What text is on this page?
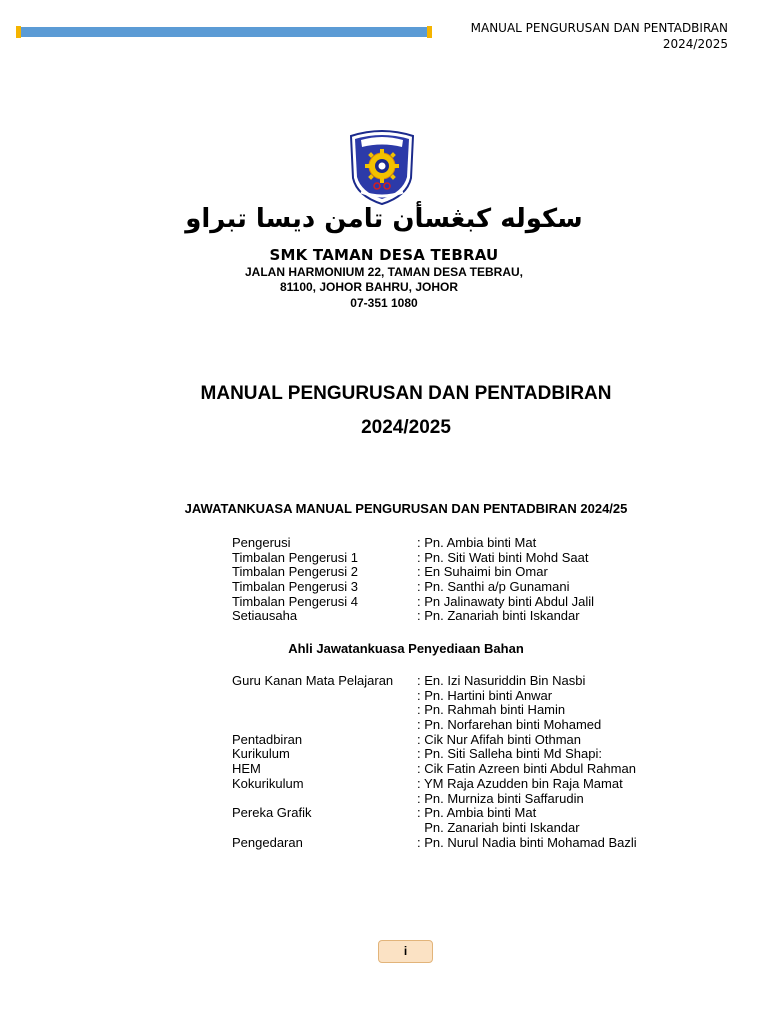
MANUAL PENGURUSAN DAN PENTADBIRAN
2024/2025
سكوله كبڠسأن تامن ديسا تبراو
SMK TAMAN DESA TEBRAU
JALAN HARMONIUM 22, TAMAN DESA TEBRAU,
81100, JOHOR BAHRU, JOHOR
07-351 1080
MANUAL PENGURUSAN DAN PENTADBIRAN
2024/2025
JAWATANKUASA MANUAL PENGURUSAN DAN PENTADBIRAN 2024/25
Pengerusi	: Pn. Ambia binti Mat
Timbalan Pengerusi 1	: Pn. Siti Wati binti Mohd Saat
Timbalan Pengerusi 2	: En Suhaimi bin Omar
Timbalan Pengerusi 3	: Pn. Santhi a/p Gunamani
Timbalan Pengerusi 4	: Pn Jalinawaty binti Abdul Jalil
Setiausaha	: Pn. Zanariah binti Iskandar
Ahli Jawatankuasa Penyediaan Bahan
Guru Kanan Mata Pelajaran : En. Izi Nasuriddin Bin Nasbi
: Pn. Hartini binti Anwar
: Pn. Rahmah binti Hamin
: Pn. Norfarehan binti Mohamed
Pentadbiran	: Cik Nur Afifah binti Othman
Kurikulum	: Pn. Siti Salleha binti Md Shapi:
HEM	: Cik Fatin Azreen binti Abdul Rahman
Kokurikulum	: YM Raja Azudden bin Raja Mamat
: Pn. Murniza binti Saffarudin
Pereka Grafik	: Pn. Ambia binti Mat
Pn. Zanariah binti Iskandar
Pengedaran	: Pn. Nurul Nadia binti Mohamad Bazli
i
